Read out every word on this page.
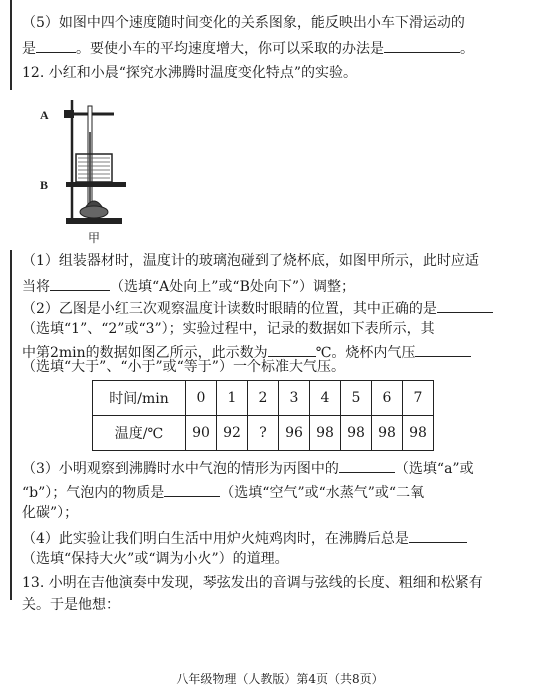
（5）如图中四个速度随时间变化的关系图象，能反映出小车下滑运动的
是	。要使小车的平均速度增大，你可以采取的办法是	。
12. 小红和小晨“探究水沸腾时温度变化特点”的实验。
A
B
甲
（1）组装器材时，温度计的玻璃泡碰到了烧杯底，如图甲所示，此时应适
当将	（选填“A处向上”或“B处向下”）调整；
（2）乙图是小红三次观察温度计读数时眼睛的位置，其中正确的是
（选填“1”、“2”或“3”）；实验过程中，记录的数据如下表所示，其
中第2min的数据如图乙所示，此示数为	℃。烧杯内气压
（选填“大于”、“小于”或“等于”）一个标准大气压。
时间/min	0	1	2	3	4	5	6	7
温度/℃	90	92	?	96	98	98	98	98
（3）小明观察到沸腾时水中气泡的情形为丙图中的	（选填“a”或
“b”）；气泡内的物质是	（选填“空气”或“水蒸气”或“二氧
化碳”）；
（4）此实验让我们明白生活中用炉火炖鸡肉时，在沸腾后总是
（选填“保持大火”或“调为小火”）的道理。
13. 小明在吉他演奏中发现，琴弦发出的音调与弦线的长度、粗细和松紧有
关。于是他想：
八年级物理（人教版）第4页（共8页）
